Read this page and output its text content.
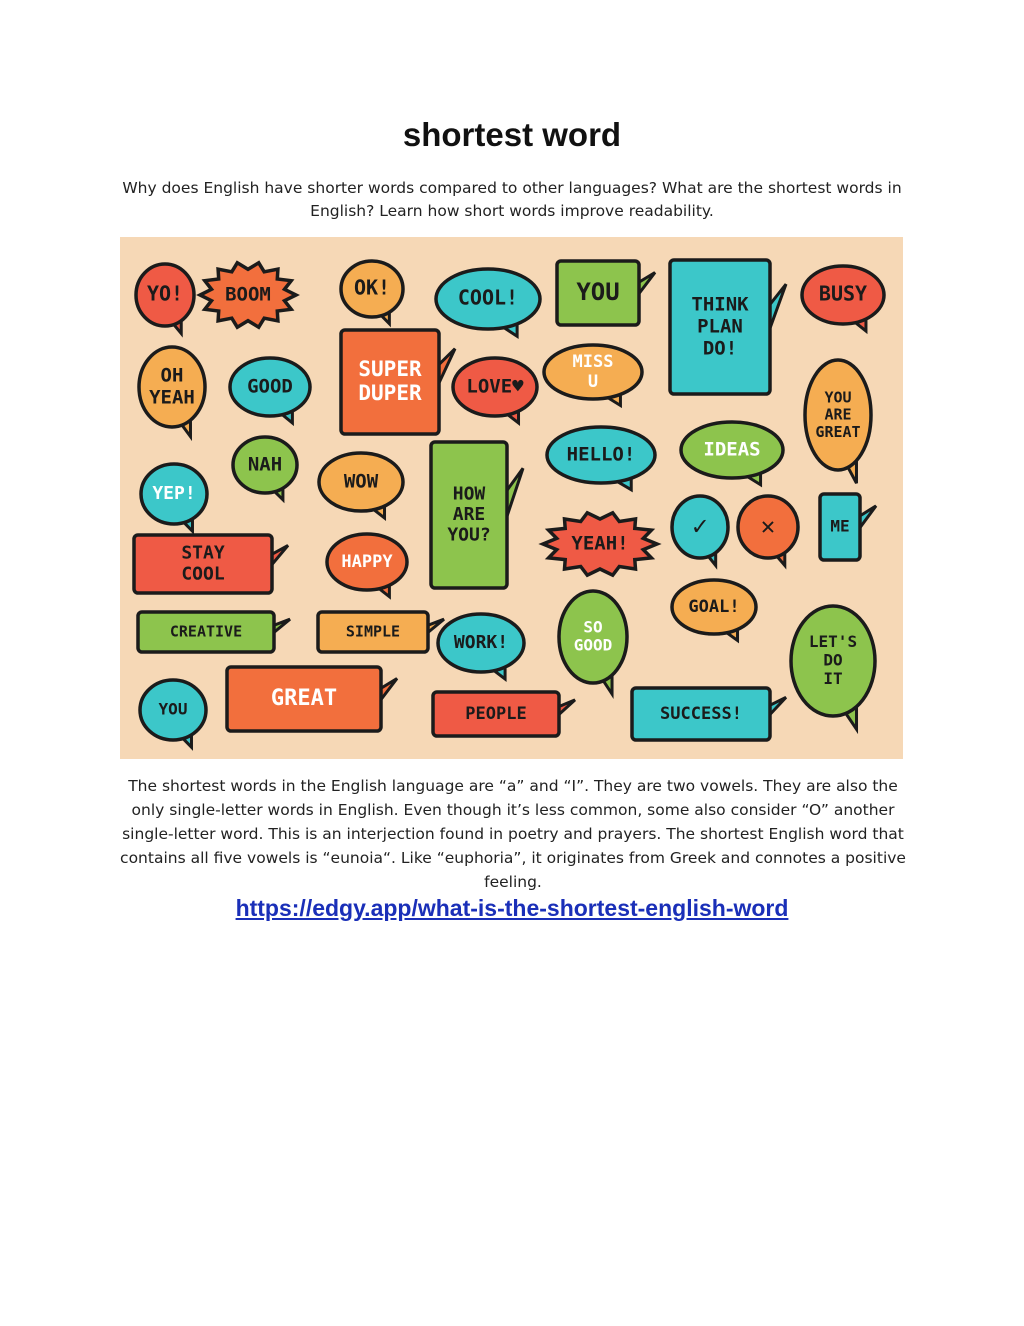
shortest word

Why does English have shorter words compared to other languages? What are the shortest words in English? Learn how short words improve readability.

YO! BOOM	OK!	COOL! YOU	THINK
PLAN
DO!
BUSY
OH
YEAH	GOOD
SUPER
DUPER LOVE♥
MISS
U
YOU
ARE
GREAT
YEP!
NAH
WOW
HOW
ARE
YOU?
HELLO!	IDEAS
STAY
COOL
HAPPY
YEAH!
✓ ✕	ME
CREATIVE	SIMPLE
WORK!
SO
GOOD
GOAL!
LET'S
DO
IT
YOU	GREAT
PEOPLE	SUCCESS!

The shortest words in the English language are “a” and “I”. They are two vowels. They are also the only single-letter words in English. Even though it’s less common, some also consider “O” another single-letter word. This is an interjection found in poetry and prayers. The shortest English word that contains all five vowels is “eunoia“. Like “euphoria”, it originates from Greek and connotes a positive feeling.

https://edgy.app/what-is-the-shortest-english-word
